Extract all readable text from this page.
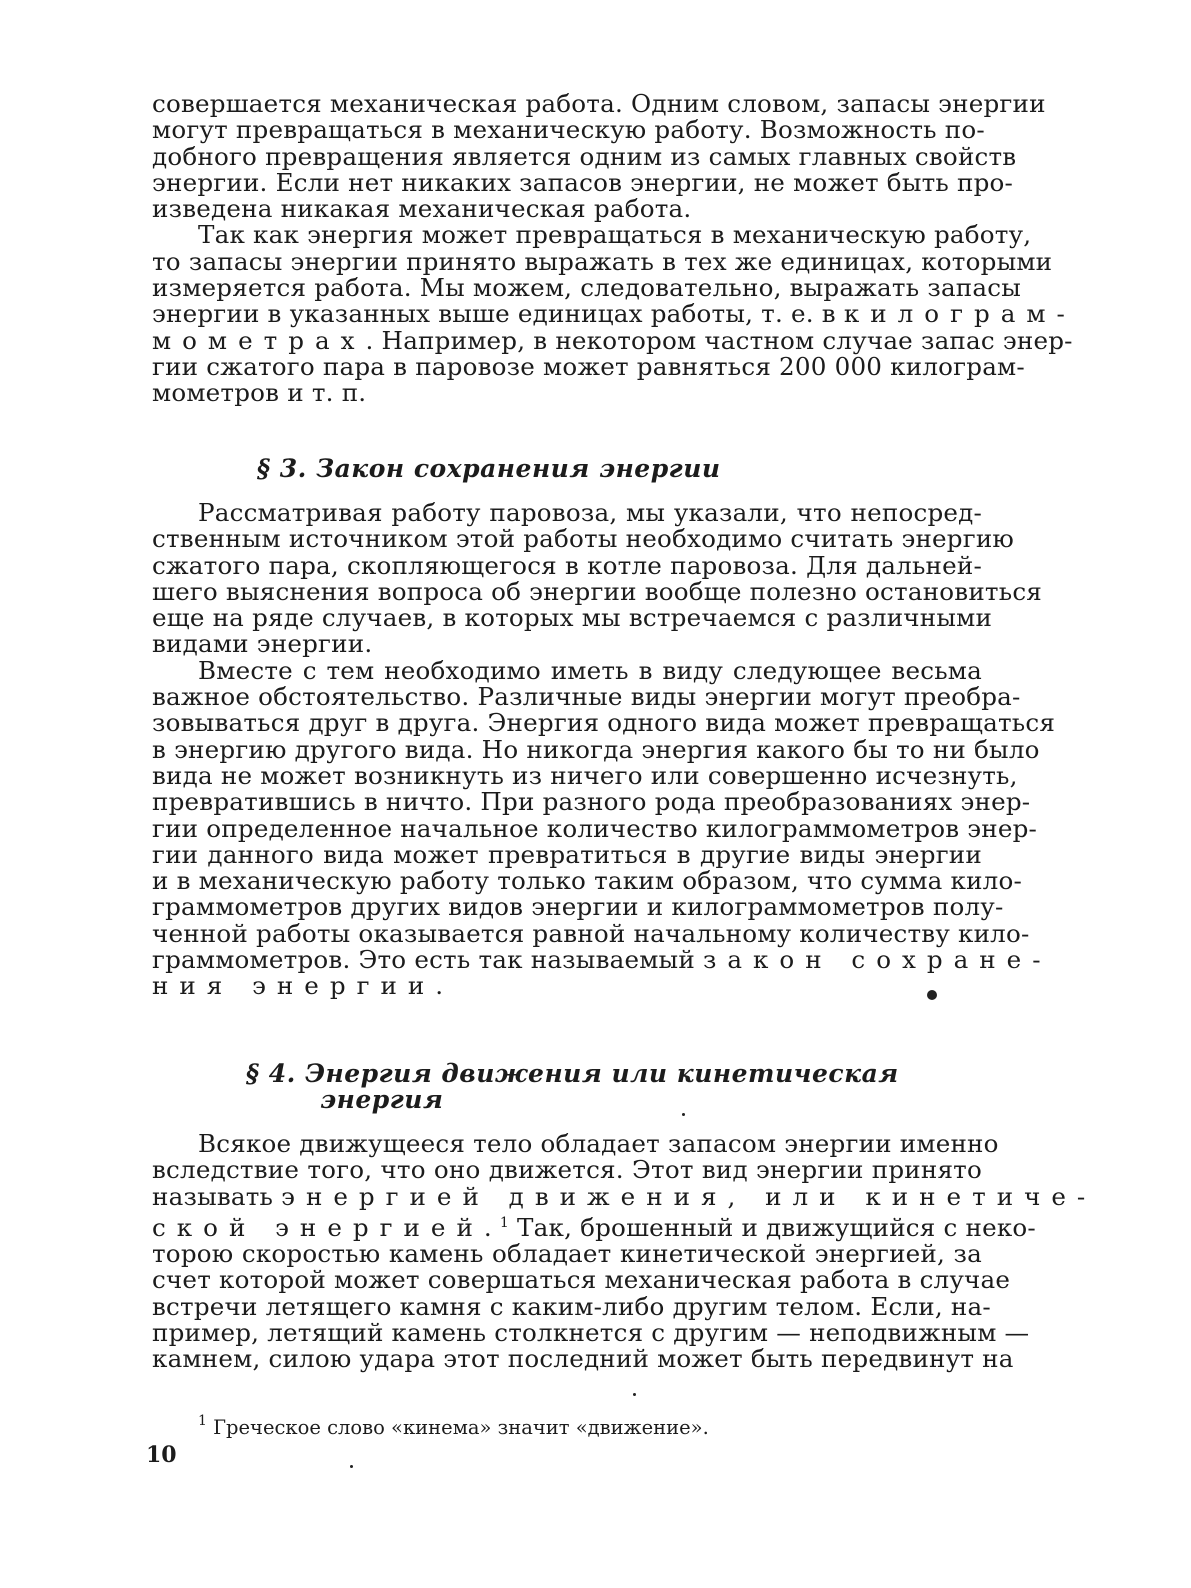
совершается механическая работа. Одним словом, запасы энергии
могут превращаться в механическую работу. Возможность по-
добного превращения является одним из самых главных свойств
энергии. Если нет никаких запасов энергии, не может быть про-
изведена никакая механическая работа.

Так как энергия может превращаться в механическую работу,
то запасы энергии принято выражать в тех же единицах, которыми
измеряется работа. Мы можем, следовательно, выражать запасы
энергии в указанных выше единицах работы, т. е. в килограм-
мометрах. Например, в некотором частном случае запас энер-
гии сжатого пара в паровозе может равняться 200 000 килограм-
мометров и т. п.

§ 3. Закон сохранения энергии

Рассматривая работу паровоза, мы указали, что непосред-
ственным источником этой работы необходимо считать энергию
сжатого пара, скопляющегося в котле паровоза. Для дальней-
шего выяснения вопроса об энергии вообще полезно остановиться
еще на ряде случаев, в которых мы встречаемся с различными
видами энергии.

Вместе с тем необходимо иметь в виду следующее весьма
важное обстоятельство. Различные виды энергии могут преобра-
зовываться друг в друга. Энергия одного вида может превращаться
в энергию другого вида. Но никогда энергия какого бы то ни было
вида не может возникнуть из ничего или совершенно исчезнуть,
превратившись в ничто. При разного рода преобразованиях энер-
гии определенное начальное количество килограммометров энер-
гии данного вида может превратиться в другие виды энергии
и в механическую работу только таким образом, что сумма кило-
граммометров других видов энергии и килограммометров полу-
ченной работы оказывается равной начальному количеству кило-
граммометров. Это есть так называемый закон сохране-
ния энергии.

§ 4. Энергия движения или кинетическая
энергия

Всякое движущееся тело обладает запасом энергии именно
вследствие того, что оно движется. Этот вид энергии принято
называть энергией движения, или кинетиче-
ской энергией. $^1$ Так, брошенный и движущийся с неко-
торою скоростью камень обладает кинетической энергией, за
счет которой может совершаться механическая работа в случае
встречи летящего камня с каким-либо другим телом. Если, на-
пример, летящий камень столкнется с другим — неподвижным —
камнем, силою удара этот последний может быть передвинут на

$^1$ Греческое слово «кинема» значит «движение».
10
